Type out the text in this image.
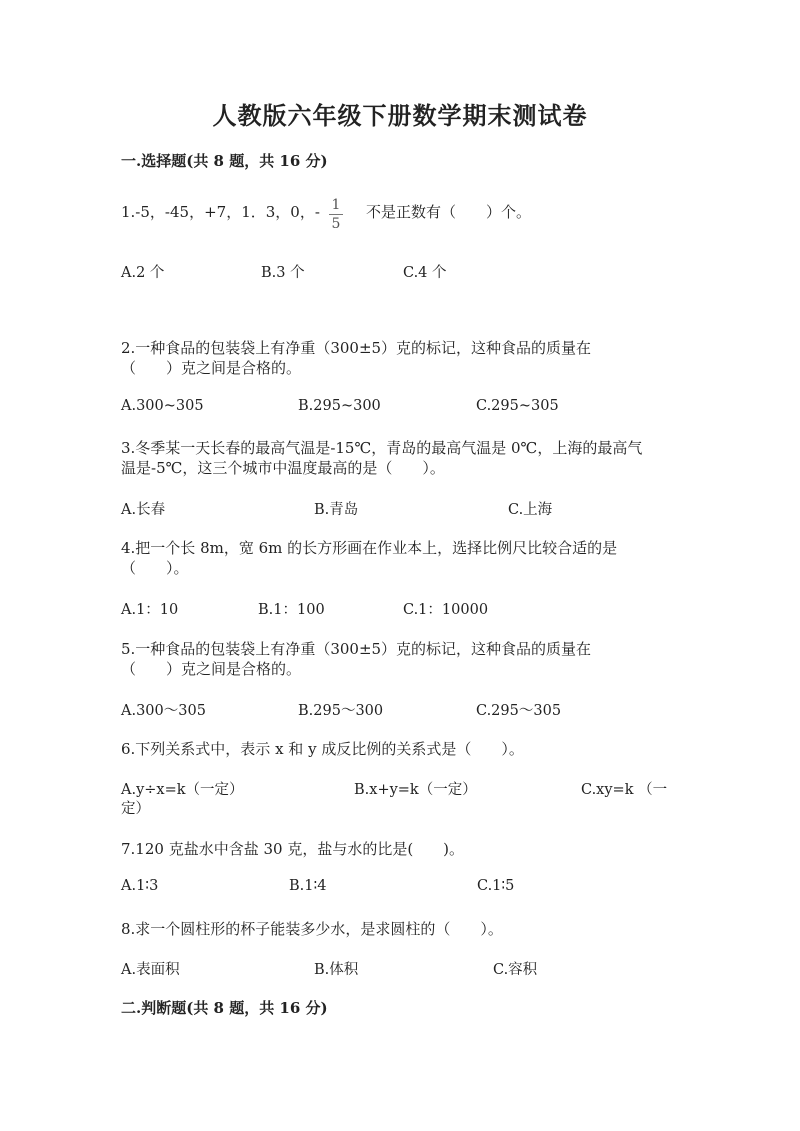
人教版六年级下册数学期末测试卷
一.选择题(共 8 题，共 16 分)
1.-5，-45，+7，1．3，0，- 1
5
不是正数有（　　）个。
A.2 个	B.3 个	C.4 个
2.一种食品的包装袋上有净重（300±5）克的标记，这种食品的质量在
（　　）克之间是合格的。
A.300~305	B.295~300	C.295~305
3.冬季某一天长春的最高气温是-15℃，青岛的最高气温是 0℃，上海的最高气
温是-5℃，这三个城市中温度最高的是（　　）。
A.长春	B.青岛	C.上海
4.把一个长 8m，宽 6m 的长方形画在作业本上，选择比例尺比较合适的是
（　　）。
A.1：10	B.1：100	C.1：10000
5.一种食品的包装袋上有净重（300±5）克的标记，这种食品的质量在
（　　）克之间是合格的。
A.300～305	B.295～300	C.295～305
6.下列关系式中，表示 x 和 y 成反比例的关系式是（　　）。
A.y÷x=k（一定）	B.x+y=k（一定）	C.xy=k （一
定）
7.120 克盐水中含盐 30 克，盐与水的比是(　　)。
A.1∶3	B.1∶4	C.1∶5
8.求一个圆柱形的杯子能装多少水，是求圆柱的（　　）。
A.表面积	B.体积	C.容积
二.判断题(共 8 题，共 16 分)
